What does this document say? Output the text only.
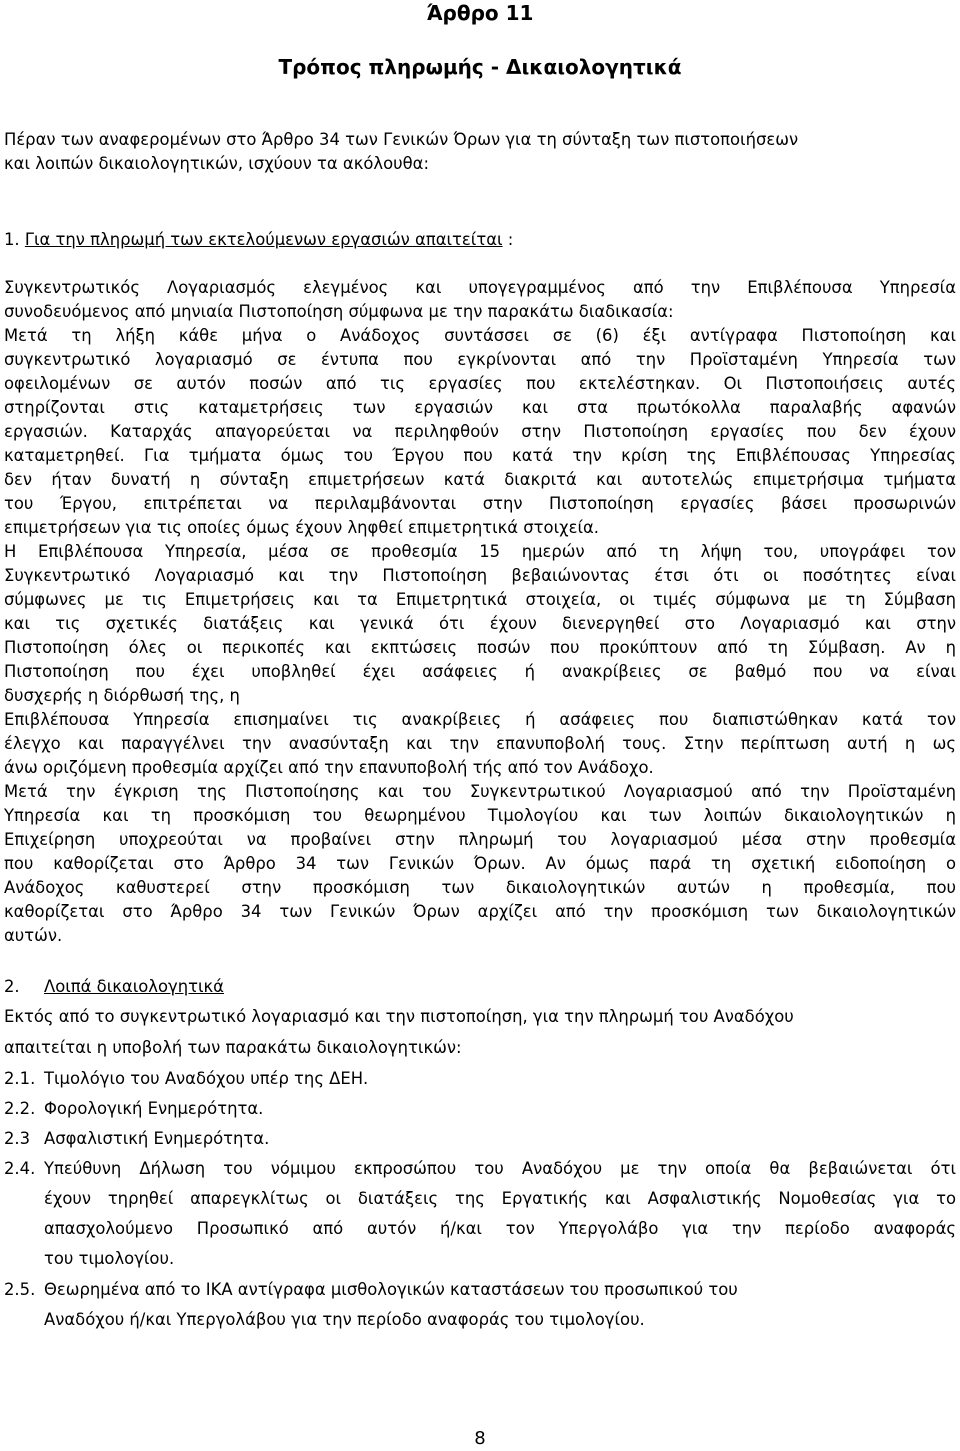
Άρθρο 11
Τρόπος πληρωμής - Δικαιολογητικά
Πέραν των αναφερομένων στο Άρθρο 34 των Γενικών Όρων για τη σύνταξη των πιστοποιήσεων
και λοιπών δικαιολογητικών, ισχύουν τα ακόλουθα:
1. Για την πληρωμή των εκτελούμενων εργασιών απαιτείται :
Συγκεντρωτικός Λογαριασμός ελεγμένος και υπογεγραμμένος από την Επιβλέπουσα Υπηρεσία
συνοδευόμενος από μηνιαία Πιστοποίηση σύμφωνα με την παρακάτω διαδικασία:
Μετά τη λήξη κάθε μήνα ο Ανάδοχος συντάσσει σε (6) έξι αντίγραφα Πιστοποίηση και
συγκεντρωτικό λογαριασμό σε έντυπα που εγκρίνονται από την Προϊσταμένη Υπηρεσία των
οφειλομένων σε αυτόν ποσών από τις εργασίες που εκτελέστηκαν. Οι Πιστοποιήσεις αυτές
στηρίζονται στις καταμετρήσεις των εργασιών και στα πρωτόκολλα παραλαβής αφανών
εργασιών. Καταρχάς απαγορεύεται να περιληφθούν στην Πιστοποίηση εργασίες που δεν έχουν
καταμετρηθεί. Για τμήματα όμως του Έργου που κατά την κρίση της Επιβλέπουσας Υπηρεσίας
δεν ήταν δυνατή η σύνταξη επιμετρήσεων κατά διακριτά και αυτοτελώς επιμετρήσιμα τμήματα
του Έργου, επιτρέπεται να περιλαμβάνονται στην Πιστοποίηση εργασίες βάσει προσωρινών
επιμετρήσεων για τις οποίες όμως έχουν ληφθεί επιμετρητικά στοιχεία.
Η Επιβλέπουσα Υπηρεσία, μέσα σε προθεσμία 15 ημερών από τη λήψη του, υπογράφει τον
Συγκεντρωτικό Λογαριασμό και την Πιστοποίηση βεβαιώνοντας έτσι ότι οι ποσότητες είναι
σύμφωνες με τις Επιμετρήσεις και τα Επιμετρητικά στοιχεία, οι τιμές σύμφωνα με τη Σύμβαση
και τις σχετικές διατάξεις και γενικά ότι έχουν διενεργηθεί στο Λογαριασμό και στην
Πιστοποίηση όλες οι περικοπές και εκπτώσεις ποσών που προκύπτουν από τη Σύμβαση. Αν η
Πιστοποίηση που έχει υποβληθεί έχει ασάφειες ή ανακρίβειες σε βαθμό που να είναι
δυσχερής η διόρθωσή της, η
Επιβλέπουσα Υπηρεσία επισημαίνει τις ανακρίβειες ή ασάφειες που διαπιστώθηκαν κατά τον
έλεγχο και παραγγέλνει την ανασύνταξη και την επανυποβολή τους. Στην περίπτωση αυτή η ως
άνω οριζόμενη προθεσμία αρχίζει από την επανυποβολή τής από τον Ανάδοχο.
Μετά την έγκριση της Πιστοποίησης και του Συγκεντρωτικού Λογαριασμού από την Προϊσταμένη
Υπηρεσία και τη προσκόμιση του θεωρημένου Τιμολογίου και των λοιπών δικαιολογητικών η
Επιχείρηση υποχρεούται να προβαίνει στην πληρωμή του λογαριασμού μέσα στην προθεσμία
που καθορίζεται στο Άρθρο 34 των Γενικών Όρων. Αν όμως παρά τη σχετική ειδοποίηση ο
Ανάδοχος καθυστερεί στην προσκόμιση των δικαιολογητικών αυτών η προθεσμία, που
καθορίζεται στο Άρθρο 34 των Γενικών Όρων αρχίζει από την προσκόμιση των δικαιολογητικών
αυτών.
2. Λοιπά δικαιολογητικά
Εκτός από το συγκεντρωτικό λογαριασμό και την πιστοποίηση, για την πληρωμή του Αναδόχου
απαιτείται η υποβολή των παρακάτω δικαιολογητικών:
2.1. Τιμολόγιο του Αναδόχου υπέρ της ΔΕΗ.
2.2. Φορολογική Ενημερότητα.
2.3 Ασφαλιστική Ενημερότητα.
2.4. Υπεύθυνη Δήλωση του νόμιμου εκπροσώπου του Αναδόχου με την οποία θα βεβαιώνεται ότι
έχουν τηρηθεί απαρεγκλίτως οι διατάξεις της Εργατικής και Ασφαλιστικής Νομοθεσίας για το
απασχολούμενο Προσωπικό από αυτόν ή/και τον Υπεργολάβο για την περίοδο αναφοράς
του τιμολογίου.
2.5. Θεωρημένα από το ΙΚΑ αντίγραφα μισθολογικών καταστάσεων του προσωπικού του
Αναδόχου ή/και Υπεργολάβου για την περίοδο αναφοράς του τιμολογίου.
8
